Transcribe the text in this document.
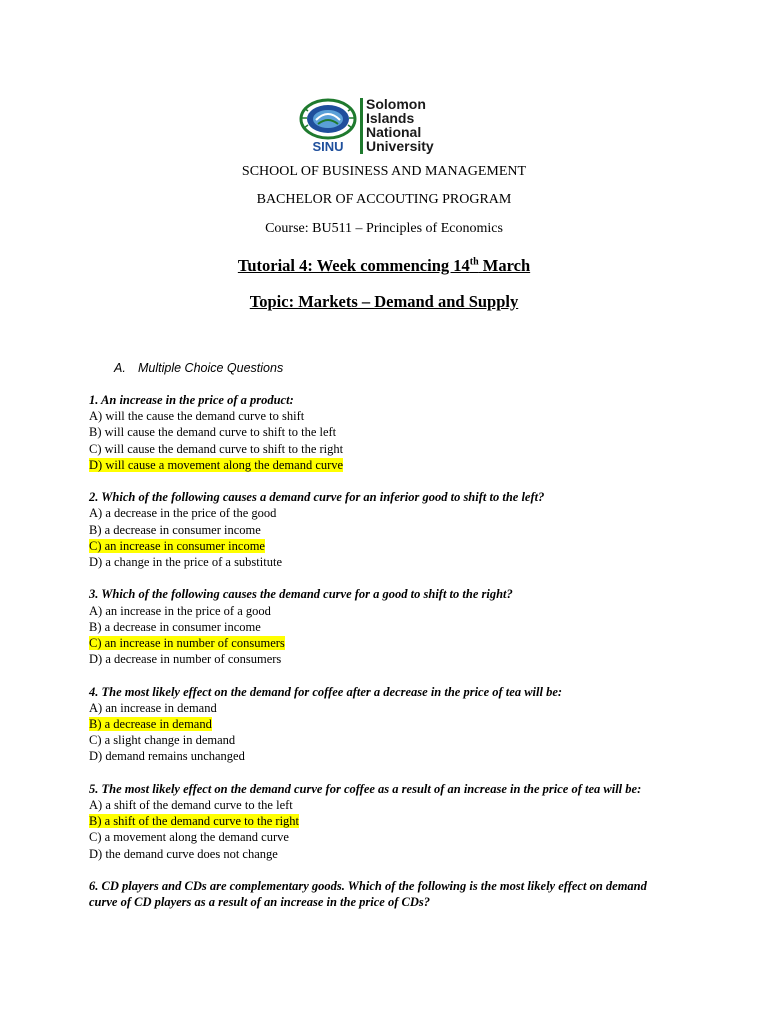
SINU
Solomon
Islands
National
University
SCHOOL OF BUSINESS AND MANAGEMENT
BACHELOR OF ACCOUTING PROGRAM
Course: BU511 – Principles of Economics
Tutorial 4: Week commencing 14th March
Topic: Markets – Demand and Supply

A. Multiple Choice Questions

1. An increase in the price of a product:
A) will the cause the demand curve to shift
B) will cause the demand curve to shift to the left
C) will cause the demand curve to shift to the right
D) will cause a movement along the demand curve
2. Which of the following causes a demand curve for an inferior good to shift to the left?
A) a decrease in the price of the good
B) a decrease in consumer income
C) an increase in consumer income
D) a change in the price of a substitute
3. Which of the following causes the demand curve for a good to shift to the right?
A) an increase in the price of a good
B) a decrease in consumer income
C) an increase in number of consumers
D) a decrease in number of consumers
4. The most likely effect on the demand for coffee after a decrease in the price of tea will be:
A) an increase in demand
B) a decrease in demand
C) a slight change in demand
D) demand remains unchanged
5. The most likely effect on the demand curve for coffee as a result of an increase in the price of tea will be:
A) a shift of the demand curve to the left
B) a shift of the demand curve to the right
C) a movement along the demand curve
D) the demand curve does not change
6. CD players and CDs are complementary goods. Which of the following is the most likely effect on demand curve of CD players as a result of an increase in the price of CDs?
